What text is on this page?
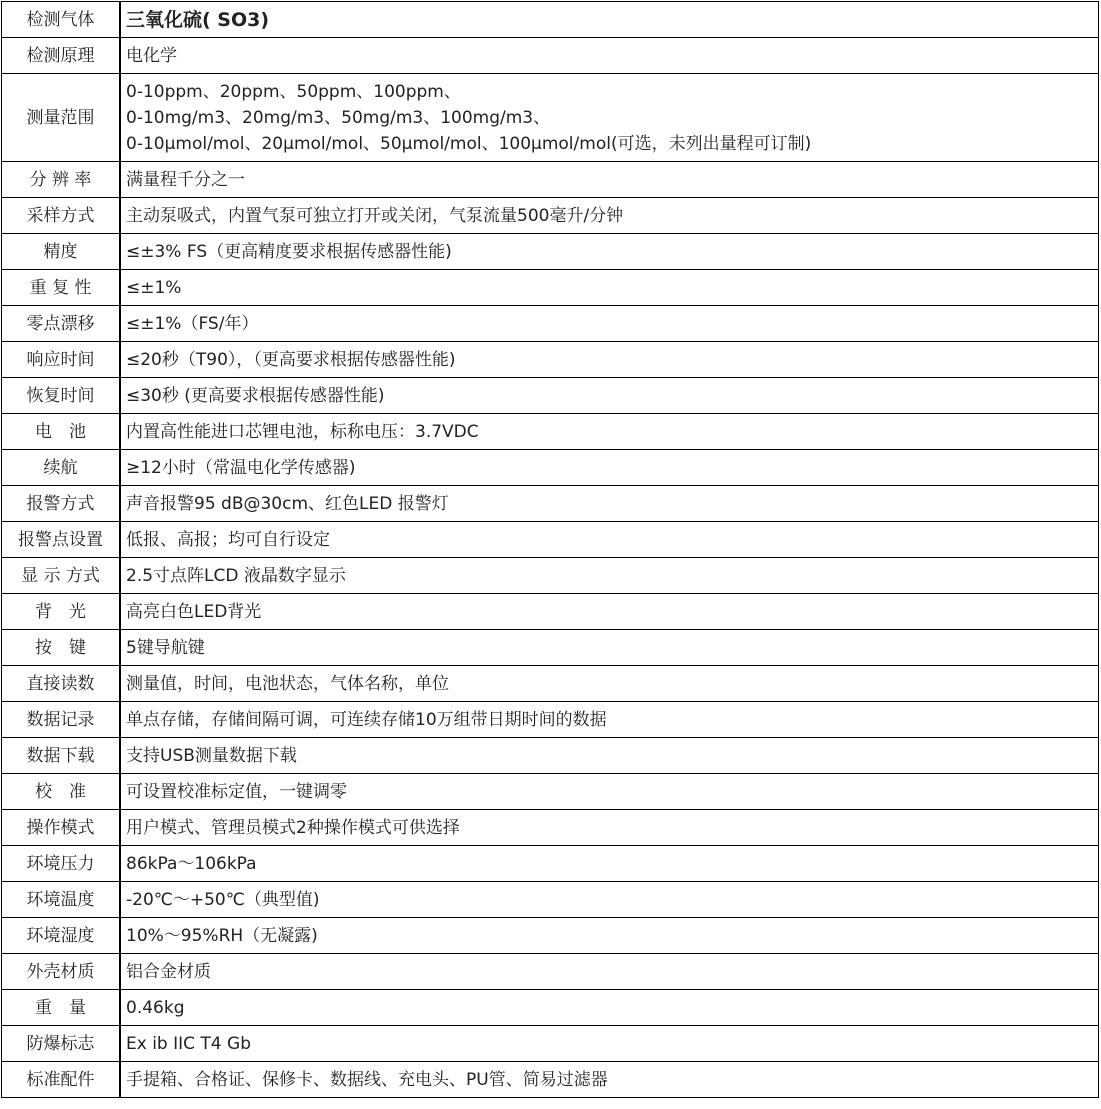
检测气体	三氧化硫( SO3)
检测原理	电化学
测量范围	0-10ppm、20ppm、50ppm、100ppm、
0-10mg/m3、20mg/m3、50mg/m3、100mg/m3、
0-10μmol/mol、20μmol/mol、50μmol/mol、100μmol/mol(可选，未列出量程可订制)

分 辨 率	满量程千分之一
采样方式	主动泵吸式，内置气泵可独立打开或关闭，气泵流量500毫升/分钟
精度	≤±3% FS（更高精度要求根据传感器性能)
重 复 性	≤±1%
零点漂移	≤±1%（FS/年）
响应时间	≤20秒（T90），（更高要求根据传感器性能)
恢复时间	≤30秒 (更高要求根据传感器性能)
电　池	内置高性能进口芯锂电池，标称电压：3.7VDC
续航	≥12小时（常温电化学传感器)
报警方式	声音报警95 dB@30cm、红色LED 报警灯
报警点设置	低报、高报；均可自行设定
显 示 方式	2.5寸点阵LCD 液晶数字显示
背　光	高亮白色LED背光
按　键	5键导航键
直接读数	测量值，时间，电池状态，气体名称，单位
数据记录	单点存储，存储间隔可调，可连续存储10万组带日期时间的数据
数据下载	支持USB测量数据下载
校　准	可设置校准标定值，一键调零
操作模式	用户模式、管理员模式2种操作模式可供选择
环境压力	86kPa～106kPa
环境温度	-20℃～+50℃（典型值)
环境湿度	10%～95%RH（无凝露)
外壳材质	铝合金材质
重　量	0.46kg
防爆标志	Ex ib IIC T4 Gb
标准配件	手提箱、合格证、保修卡、数据线、充电头、PU管、简易过滤器
